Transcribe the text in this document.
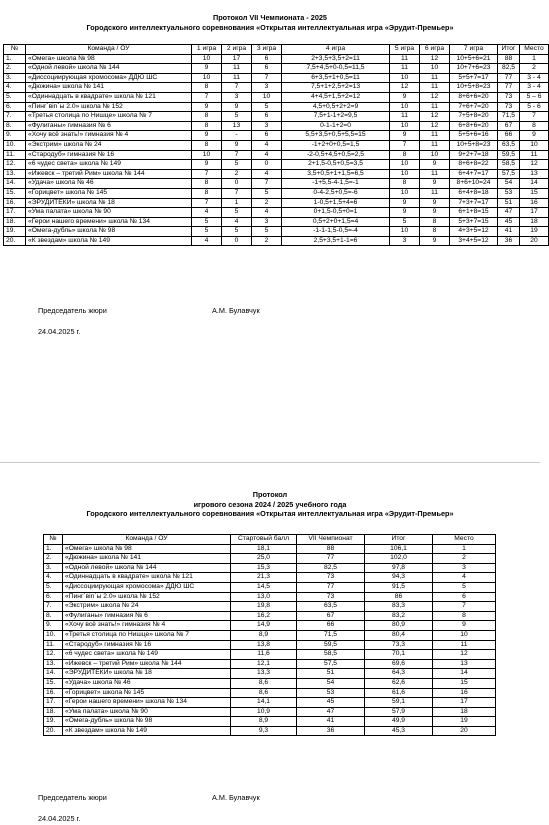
Протокол VII Чемпионата - 2025
Городского интеллектуального соревнования «Открытая интеллектуальная игра «Эрудит-Премьер»
№	Команда / ОУ	1 игра	2 игра	3 игра	4 игра	5 игра	6 игра	7 игра	Итог	Место
1.	«Омега» школа № 98	10	17	6	2+3,5+3,5+2=11	11	12	10+5+6=21	88	1
2.	«Одной левой» школа № 144	9	11	6	7,5+4,5+0-0,5=11,5	11	10	10+7+6=23	82,5	2
3.	«Диссоциирующая хромосома» ДДЮ ШС	10	11	7	6+3,5+1+0,5=11	10	11	5+5+7=17	77	3 - 4
4.	«Дюжина» школа № 141	8	7	3	7,5+1+2,5+2=13	12	11	10+5+8=23	77	3 - 4
5.	«Одиннадцать в квадрате» школа № 121	7	3	10	4+4,5+1,5+2=12	9	12	8+6+6=20	73	5 – 6
6.	«Пинг`вin`ы 2.0» школа № 152	9	9	5	4,5+0,5+2+2=9	10	11	7+6+7=20	73	5 - 6
7.	«Третья столица по Нишце» школа № 7	8	5	6	7,5+1-1+2=9,5	11	12	7+5+8=20	71,5	7
8.	«Фулиганы» гимназия № 6	8	13	3	0-1-1+2=0	10	12	6+8+6=20	67	8
9.	«Хочу всё знать!» гимназия № 4	9	-	6	5,5+3,5+0,5+5,5=15	9	11	5+5+6=16	66	9
10.	«Экстрим» школа № 24	8	9	4	-1+2+0+0,5=1,5	7	11	10+5+8=23	63,5	10
11.	«Стародуб» гимназия № 16	10	7	4	-2-0,5+4,5+0,5=2,5	8	10	9+2+7=18	59,5	11
12.	«6 чудес света» школа № 149	9	5	0	2+1,5-0,5+0,5=3,5	10	9	8+6+8=22	58,5	12
13.	«Ижевск – третий Рим» школа № 144	7	2	4	3,5+0,5+1+1,5=6,5	10	11	6+4+7=17	57,5	13
14.	«Удача» школа № 46	8	0	7	-1+5,5-4-1,5=-1	8	9	8+6+10=24	54	14
15.	«Горицвет» школа № 145	8	7	5	0-4-2,5+0,5=-6	10	11	6+4+8=18	53	15
16.	«ЭРУДИТЕКИ» школа № 18	7	1	2	1-0,5+1,5+4=6	9	9	7+3+7=17	51	16
17.	«Ума палата» школа № 90	4	5	4	0+1,5-0,5+0=1	9	9	6+1+8=15	47	17
18.	«Герои нашего времени» школа № 134	5	4	3	0,5+2+0+1,5=4	5	8	5+3+7=15	45	18
19.	«Омега-дубль» школа № 98	5	5	5	-1-1-1,5-0,5=-4	10	8	4+3+5=12	41	19
20.	«К звездам» школа № 149	4	0	2	2,5+3,5+1-1=6	3	9	3+4+5=12	36	20
Председатель жюри	А.М. Булавчук
24.04.2025 г.
Протокол
игрового сезона 2024 / 2025 учебного года
Городского интеллектуального соревнования «Открытая интеллектуальная игра «Эрудит-Премьер»
№	Команда / ОУ	Стартовый балл	VII Чемпионат	Итог	Место
1.	«Омега» школа № 98	18,1	88	106,1	1
2.	«Дюжина» школа № 141	25,0	77	102,0	2
3.	«Одной левой» школа № 144	15,3	82,5	97,8	3
4.	«Одиннадцать в квадрате» школа № 121	21,3	73	94,3	4
5.	«Диссоциирующая хромосома» ДДЮ ШС	14,5	77	91,5	5
6.	«Пинг`вin`ы 2.0» школа № 152	13,0	73	86	6
7.	«Экстрим» школа № 24	19,8	63,5	83,3	7
8.	«Фулиганы» гимназия № 6	16,2	67	83,2	8
9.	«Хочу всё знать!» гимназия № 4	14,9	66	80,9	9
10.	«Третья столица по Нишце» школа № 7	8,9	71,5	80,4	10
11.	«Стародуб» гимназия № 16	13,8	59,5	73,3	11
12.	«6 чудес света» школа № 149	11,6	58,5	70,1	12
13.	«Ижевск – третий Рим» школа № 144	12,1	57,5	69,6	13
14.	«ЭРУДИТЕКИ» школа № 18	13,3	51	64,3	14
15.	«Удача» школа № 46	8,6	54	62,6	15
16.	«Горицвет» школа № 145	8,6	53	61,6	16
17.	«Герои нашего времени» школа № 134	14,1	45	59,1	17
18.	«Ума палата» школа № 90	10,9	47	57,9	18
19.	«Омега-дубль» школа № 98	8,9	41	49,9	19
20.	«К звездам» школа № 149	9,3	36	45,3	20
Председатель жюри	А.М. Булавчук
24.04.2025 г.
